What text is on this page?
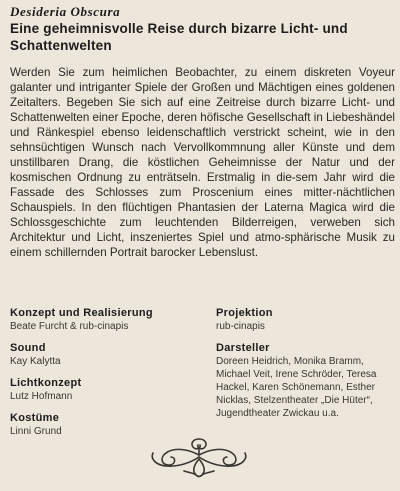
Desideria Obscura
Eine geheimnisvolle Reise durch bizarre Licht- und Schattenwelten
Werden Sie zum heimlichen Beobachter, zu einem diskreten Voyeur galanter und intriganter Spiele der Großen und Mächtigen eines goldenen Zeitalters. Begeben Sie sich auf eine Zeitreise durch bizarre Licht- und Schattenwelten einer Epoche, deren höfische Gesellschaft in Liebeshändel und Ränkespiel ebenso leidenschaftlich verstrickt scheint, wie in den sehnsüchtigen Wunsch nach Vervollkommnung aller Künste und dem unstillbaren Drang, die köstlichen Geheimnisse der Natur und der kosmischen Ordnung zu enträtseln. Erstmalig in die-sem Jahr wird die Fassade des Schlosses zum Proscenium eines mitter-nächtlichen Schauspiels. In den flüchtigen Phantasien der Laterna Magica wird die Schlossgeschichte zum leuchtenden Bilderreigen, verweben sich Architektur und Licht, inszeniertes Spiel und atmo-sphärische Musik zu einem schillernden Portrait barocker Lebenslust.
Konzept und Realisierung
Beate Furcht & rub-cinapis
Sound
Kay Kalytta
Lichtkonzept
Lutz Hofmann
Kostüme
Linni Grund
Projektion
rub-cinapis
Darsteller
Doreen Heidrich, Monika Bramm, Michael Veit, Irene Schröder, Teresa Hackel, Karen Schönemann, Esther Nicklas, Stelzentheater „Die Hüter“, Jugendtheater Zwickau u.a.
